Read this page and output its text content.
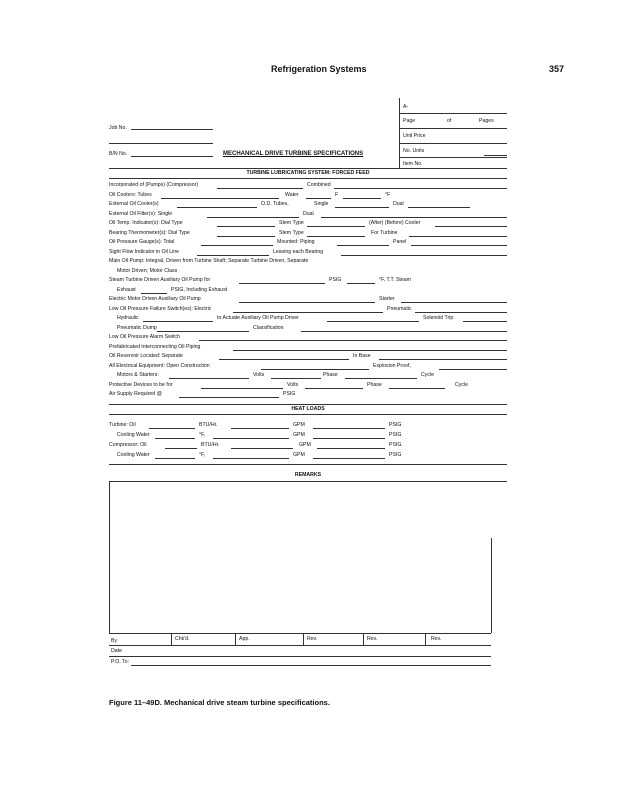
Refrigeration Systems	357
A-
Page	of	Pages
Unit Price
No. Units
Item No.
Job No.
B/N No.	MECHANICAL DRIVE TURBINE SPECIFICATIONS
TURBINE LUBRICATING SYSTEM: FORCED FEED
Incorporated of (Pumps) (Compressor)	Combined
Oil Coolers: Tubes	Water	F	°F
External Oil Cooler(s)	O.D. Tubes,	Single	Dual
External Oil Filter(s): Single	Dual
Oil Temp. Indicator(s): Dial Type	Stem Type	(After) (Before) Cooler
Bearing Thermometer(s): Dial Type	Stem Type	For Turbine
Oil Pressure Gauge(s): Total	Mounted: Piping	Panel
Sight Flow Indicator in Oil Line	Leaving each Bearing
Main Oil Pump: Integral, Driven from Turbine Shaft; Separate Turbine Driven, Separate
Motor Driven; Motor Class
Steam Turbine Driven Auxiliary Oil Pump for	PSIG	°F, T.T. Steam
Exhaust	PSIG, Including Exhaust
Electric Motor Driven Auxiliary Oil Pump	Starter
Low Oil Pressure Failure Switch(es): Electric	Pneumatic
Hydraulic	to Actuate Auxiliary Oil Pump Driver	Solenoid Trip
Pneumatic Dump	Classification
Low Oil Pressure Alarm Switch
Prefabricated Interconnecting Oil Piping
Oil Reservoir Located: Separate	In Base
All Electrical Equipment: Open Construction	Explosion Proof,
Motors & Starters:	Volts	Phase	Cycle
Protective Devices to be for	Volts	Phase	Cycle
Air Supply Required @	PSIG
HEAT LOADS
Turbine: Oil	BTU/Hr.	GPM	PSIG
Cooling Water	°F,	GPM	PSIG
Compressor: Oil	BTU/Hr.	GPM	PSIG
Cooling Water	°F,	GPM	PSIG
REMARKS
By	Chk'd.	App.	Rev.	Rev.	Rev.
Date
P.O. To:
Figure 11–49D. Mechanical drive steam turbine specifications.
